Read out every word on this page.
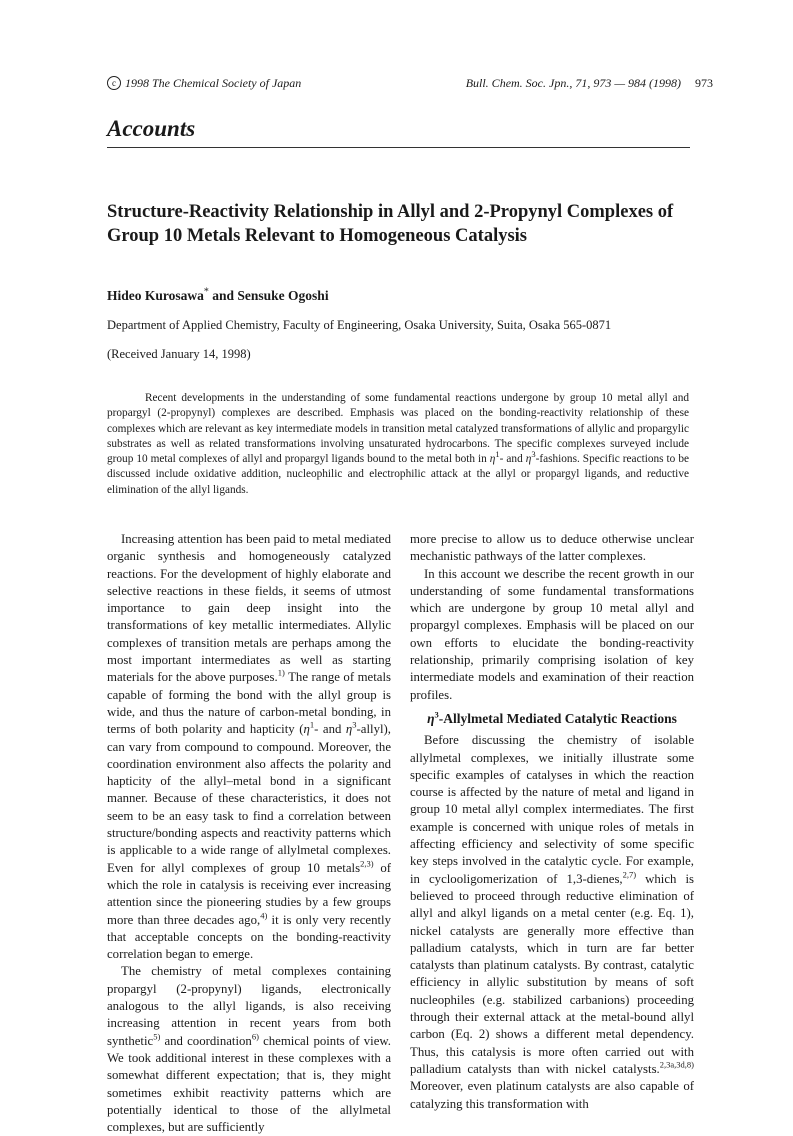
c 1998 The Chemical Society of Japan	Bull. Chem. Soc. Jpn., 71, 973 — 984 (1998) 973
Accounts
Structure-Reactivity Relationship in Allyl and 2-Propynyl Complexes of Group 10 Metals Relevant to Homogeneous Catalysis
Hideo Kurosawa* and Sensuke Ogoshi
Department of Applied Chemistry, Faculty of Engineering, Osaka University, Suita, Osaka 565-0871
(Received January 14, 1998)

Recent developments in the understanding of some fundamental reactions undergone by group 10 metal allyl and propargyl (2-propynyl) complexes are described. Emphasis was placed on the bonding-reactivity relationship of these complexes which are relevant as key intermediate models in transition metal catalyzed transformations of allylic and propargylic substrates as well as related transformations involving unsaturated hydrocarbons. The specific complexes surveyed include group 10 metal complexes of allyl and propargyl ligands bound to the metal both in $\eta^1-$ and $\eta^3$-fashions. Specific reactions to be discussed include oxidative addition, nucleophilic and electrophilic attack at the allyl or propargyl ligands, and reductive elimination of the allyl ligands.

Increasing attention has been paid to metal mediated organic synthesis and homogeneously catalyzed reactions. For the development of highly elaborate and selective reactions in these fields, it seems of utmost importance to gain deep insight into the transformations of key metallic intermediates. Allylic complexes of transition metals are perhaps among the most important intermediates as well as starting materials for the above purposes.$^{1)}$ The range of metals capable of forming the bond with the allyl group is wide, and thus the nature of carbon-metal bonding, in terms of both polarity and hapticity ($\eta^1-$ and $\eta^3-allyl$), can vary from compound to compound. Moreover, the coordination environment also affects the polarity and hapticity of the allyl–metal bond in a significant manner. Because of these characteristics, it does not seem to be an easy task to find a correlation between structure/bonding aspects and reactivity patterns which is applicable to a wide range of allylmetal complexes. Even for allyl complexes of group 10 metals$^{2,3)}$ of which the role in catalysis is receiving ever increasing attention since the pioneering studies by a few groups more than three decades ago,$^{4)}$ it is only very recently that acceptable concepts on the bonding-reactivity correlation began to emerge.

The chemistry of metal complexes containing propargyl (2-propynyl) ligands, electronically analogous to the allyl ligands, is also receiving increasing attention in recent years from both synthetic$^{5)}$ and coordination$^{6)}$ chemical points of view. We took additional interest in these complexes with a somewhat different expectation; that is, they might sometimes exhibit reactivity patterns which are potentially identical to those of the allylmetal complexes, but are sufficiently

more precise to allow us to deduce otherwise unclear mechanistic pathways of the latter complexes.

In this account we describe the recent growth in our understanding of some fundamental transformations which are undergone by group 10 metal allyl and propargyl complexes. Emphasis will be placed on our own efforts to elucidate the bonding-reactivity relationship, primarily comprising isolation of key intermediate models and examination of their reaction profiles.

$\eta^3$-Allylmetal Mediated Catalytic Reactions

Before discussing the chemistry of isolable allylmetal complexes, we initially illustrate some specific examples of catalyses in which the reaction course is affected by the nature of metal and ligand in group 10 metal allyl complex intermediates. The first example is concerned with unique roles of metals in affecting efficiency and selectivity of some specific key steps involved in the catalytic cycle. For example, in cyclooligomerization of 1,3-dienes,$^{2,7)}$ which is believed to proceed through reductive elimination of allyl and alkyl ligands on a metal center (e.g. Eq. 1), nickel catalysts are generally more effective than palladium catalysts, which in turn are far better catalysts than platinum catalysts. By contrast, catalytic efficiency in allylic substitution by means of soft nucleophiles (e.g. stabilized carbanions) proceeding through their external attack at the metal-bound allyl carbon (Eq. 2) shows a different metal dependency. Thus, this catalysis is more often carried out with palladium catalysts than with nickel catalysts.$^{2,3a,3d,8)}$ Moreover, even platinum catalysts are also capable of catalyzing this transformation with
